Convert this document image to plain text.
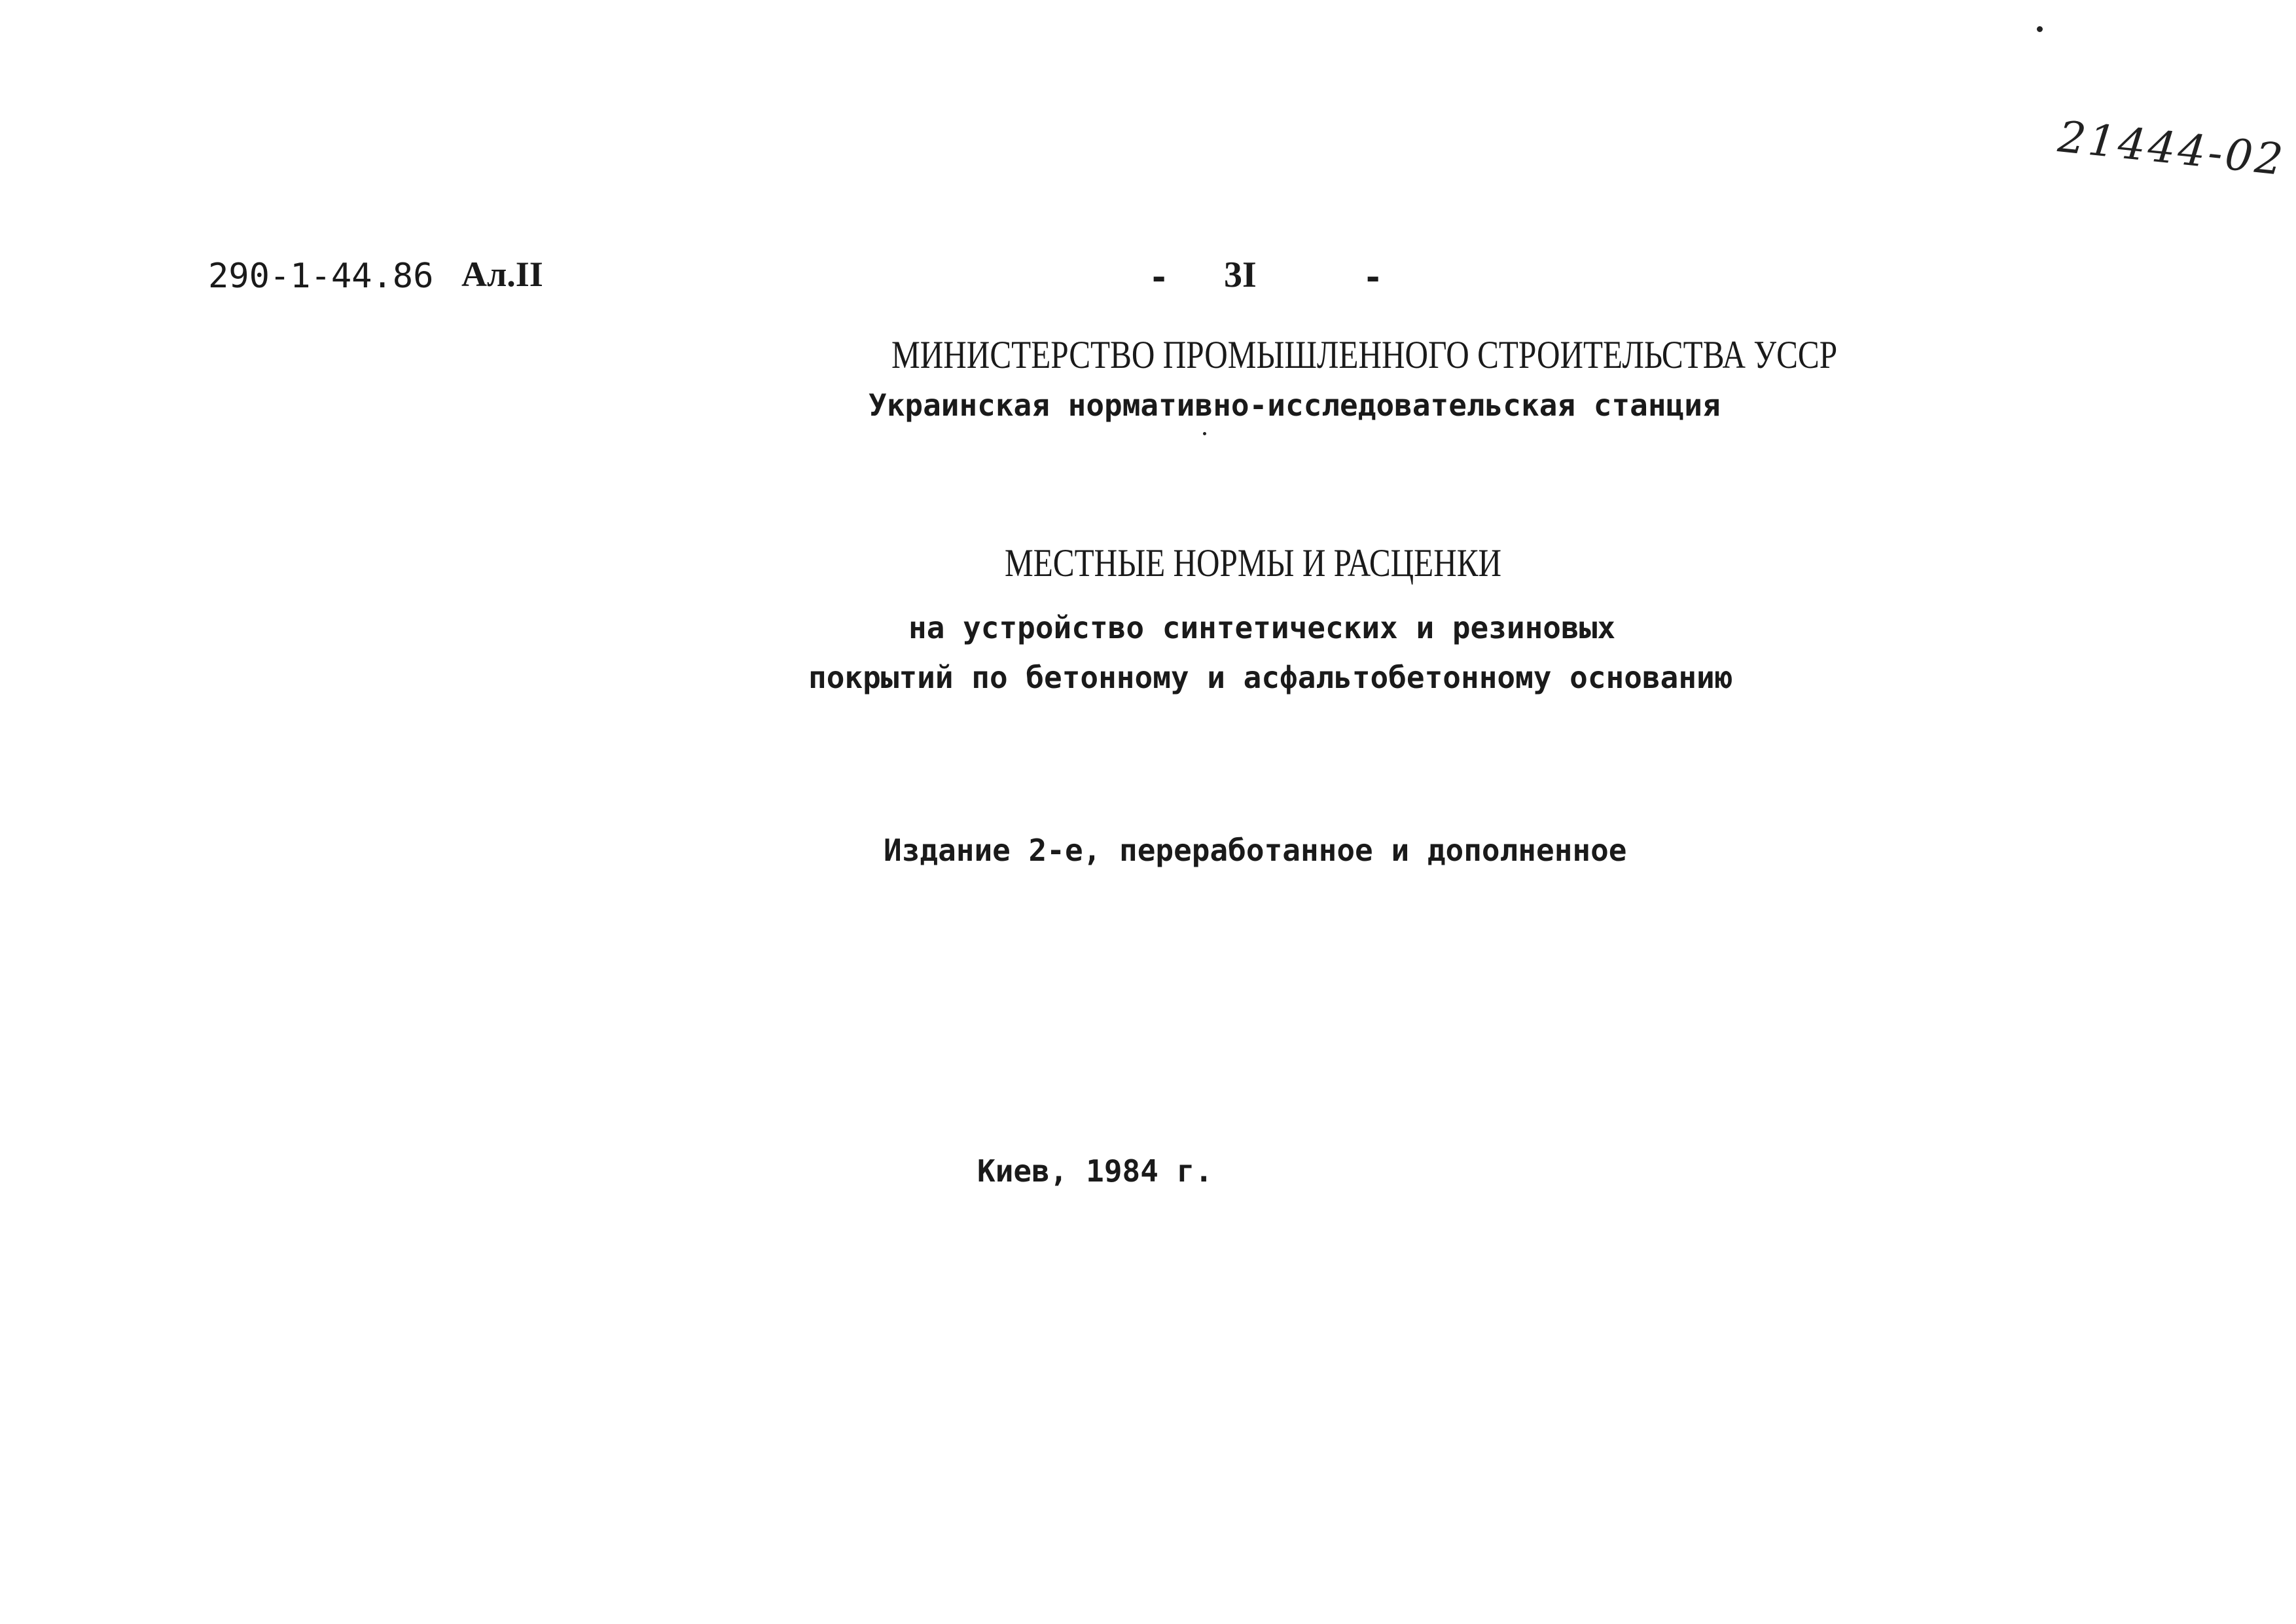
21444-02
290-1-44.86 Ал.II	- 3I	-
МИНИСТЕРСТВО ПРОМЫШЛЕННОГО СТРОИТЕЛЬСТВА УССР
Украинская нормативно-исследовательская станция
МЕСТНЫЕ НОРМЫ И РАСЦЕНКИ
на устройство синтетических и резиновых
покрытий по бетонному и асфальтобетонному основанию
Издание 2-е, переработанное и дополненное
Киев, 1984 г.
